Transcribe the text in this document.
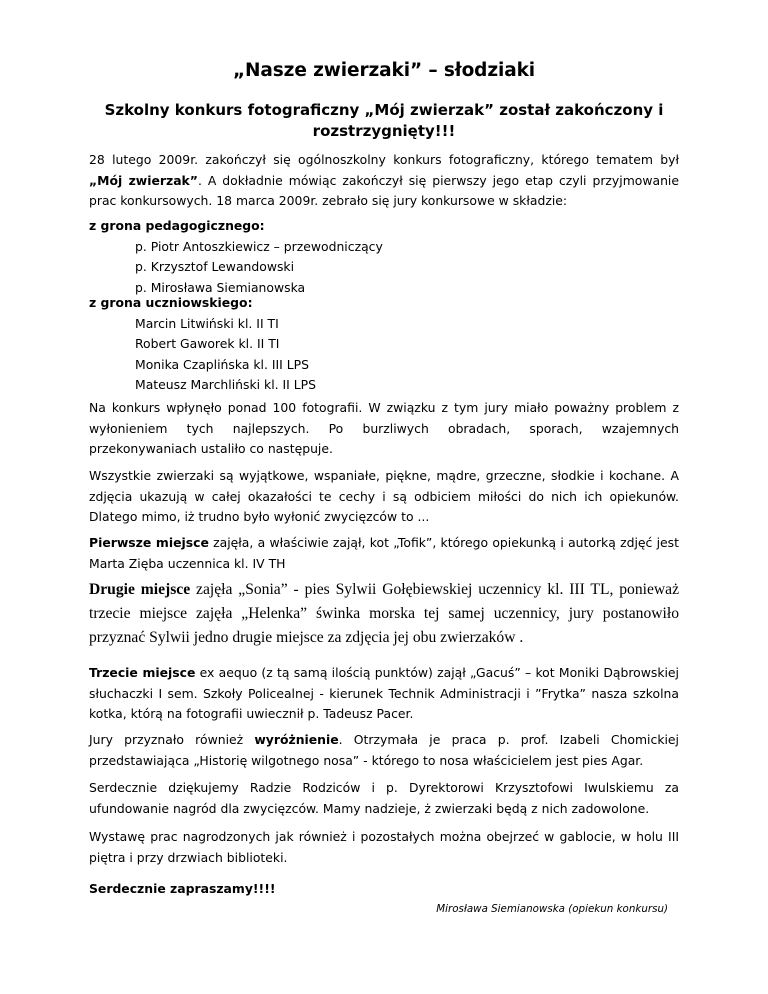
„Nasze zwierzaki” – słodziaki

Szkolny konkurs fotograficzny „Mój zwierzak” został zakończony i rozstrzygnięty!!!

28 lutego 2009r. zakończył się ogólnoszkolny konkurs fotograficzny, którego tematem był „Mój zwierzak”. A dokładnie mówiąc zakończył się pierwszy jego etap czyli przyjmowanie prac konkursowych. 18 marca 2009r. zebrało się jury konkursowe w składzie:

z grona pedagogicznego:
p. Piotr Antoszkiewicz – przewodniczący
p. Krzysztof Lewandowski
p. Mirosława Siemianowska
z grona uczniowskiego:
Marcin Litwiński kl. II TI
Robert Gaworek kl. II TI
Monika Czaplińska kl. III LPS
Mateusz Marchliński kl. II LPS

Na konkurs wpłynęło ponad 100 fotografii. W związku z tym jury miało poważny problem z wyłonieniem tych najlepszych. Po burzliwych obradach, sporach, wzajemnych przekonywaniach ustaliło co następuje.

Wszystkie zwierzaki są wyjątkowe, wspaniałe, piękne, mądre, grzeczne, słodkie i kochane. A zdjęcia ukazują w całej okazałości te cechy i są odbiciem miłości do nich ich opiekunów. Dlatego mimo, iż trudno było wyłonić zwycięzców to ...

Pierwsze miejsce zajęła, a właściwie zajął, kot „Tofik”, którego opiekunką i autorką zdjęć jest Marta Zięba uczennica kl. IV TH

Drugie miejsce zajęła „Sonia” - pies Sylwii Gołębiewskiej uczennicy kl. III TL, ponieważ trzecie miejsce zajęła „Helenka” świnka morska tej samej uczennicy, jury postanowiło przyznać Sylwii jedno drugie miejsce za zdjęcia jej obu zwierzaków .

Trzecie miejsce ex aequo (z tą samą ilością punktów) zajął „Gacuś” – kot Moniki Dąbrowskiej słuchaczki I sem. Szkoły Policealnej - kierunek Technik Administracji i ”Frytka” nasza szkolna kotka, którą na fotografii uwiecznił p. Tadeusz Pacer.

Jury przyznało również wyróżnienie. Otrzymała je praca p. prof. Izabeli Chomickiej przedstawiająca „Historię wilgotnego nosa” - którego to nosa właścicielem jest pies Agar.

Serdecznie dziękujemy Radzie Rodziców i p. Dyrektorowi Krzysztofowi Iwulskiemu za ufundowanie nagród dla zwycięzców. Mamy nadzieje, ż zwierzaki będą z nich zadowolone.

Wystawę prac nagrodzonych jak również i pozostałych można obejrzeć w gablocie, w holu III piętra i przy drzwiach biblioteki.

Serdecznie zapraszamy!!!!

Mirosława Siemianowska (opiekun konkursu)
